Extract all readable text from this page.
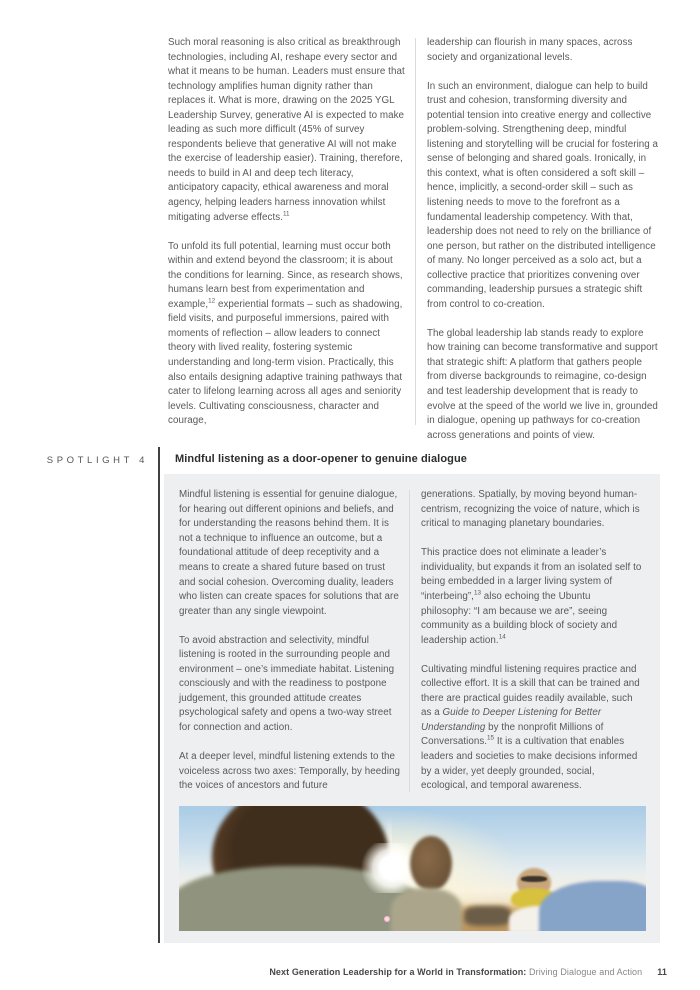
Such moral reasoning is also critical as breakthrough technologies, including AI, reshape every sector and what it means to be human. Leaders must ensure that technology amplifies human dignity rather than replaces it. What is more, drawing on the 2025 YGL Leadership Survey, generative AI is expected to make leading as such more difficult (45% of survey respondents believe that generative AI will not make the exercise of leadership easier). Training, therefore, needs to build in AI and deep tech literacy, anticipatory capacity, ethical awareness and moral agency, helping leaders harness innovation whilst mitigating adverse effects.$^{11}$

To unfold its full potential, learning must occur both within and extend beyond the classroom; it is about the conditions for learning. Since, as research shows, humans learn best from experimentation and example,$^{12}$ experiential formats – such as shadowing, field visits, and purposeful immersions, paired with moments of reflection – allow leaders to connect theory with lived reality, fostering systemic understanding and long-term vision. Practically, this also entails designing adaptive training pathways that cater to lifelong learning across all ages and seniority levels. Cultivating consciousness, character and courage,

leadership can flourish in many spaces, across society and organizational levels.

In such an environment, dialogue can help to build trust and cohesion, transforming diversity and potential tension into creative energy and collective problem-solving. Strengthening deep, mindful listening and storytelling will be crucial for fostering a sense of belonging and shared goals. Ironically, in this context, what is often considered a soft skill – hence, implicitly, a second-order skill – such as listening needs to move to the forefront as a fundamental leadership competency. With that, leadership does not need to rely on the brilliance of one person, but rather on the distributed intelligence of many. No longer perceived as a solo act, but a collective practice that prioritizes convening over commanding, leadership pursues a strategic shift from control to co-creation.

The global leadership lab stands ready to explore how training can become transformative and support that strategic shift: A platform that gathers people from diverse backgrounds to reimagine, co-design and test leadership development that is ready to evolve at the speed of the world we live in, grounded in dialogue, opening up pathways for co-creation across generations and points of view.

SPOTLIGHT 4	Mindful listening as a door-opener to genuine dialogue

Mindful listening is essential for genuine dialogue, for hearing out different opinions and beliefs, and for understanding the reasons behind them. It is not a technique to influence an outcome, but a foundational attitude of deep receptivity and a means to create a shared future based on trust and social cohesion. Overcoming duality, leaders who listen can create spaces for solutions that are greater than any single viewpoint.

To avoid abstraction and selectivity, mindful listening is rooted in the surrounding people and environment – one’s immediate habitat. Listening consciously and with the readiness to postpone judgement, this grounded attitude creates psychological safety and opens a two-way street for connection and action.

At a deeper level, mindful listening extends to the voiceless across two axes: Temporally, by heeding the voices of ancestors and future

generations. Spatially, by moving beyond human-centrism, recognizing the voice of nature, which is critical to managing planetary boundaries.

This practice does not eliminate a leader’s individuality, but expands it from an isolated self to being embedded in a larger living system of “interbeing”,$^{13}$ also echoing the Ubuntu philosophy: “I am because we are”, seeing community as a building block of society and leadership action.$^{14}$

Cultivating mindful listening requires practice and collective effort. It is a skill that can be trained and there are practical guides readily available, such as a Guide to Deeper Listening for Better Understanding by the nonprofit Millions of Conversations.$^{15}$ It is a cultivation that enables leaders and societies to make decisions informed by a wider, yet deeply grounded, social, ecological, and temporal awareness.

Next Generation Leadership for a World in Transformation: Driving Dialogue and Action 11
